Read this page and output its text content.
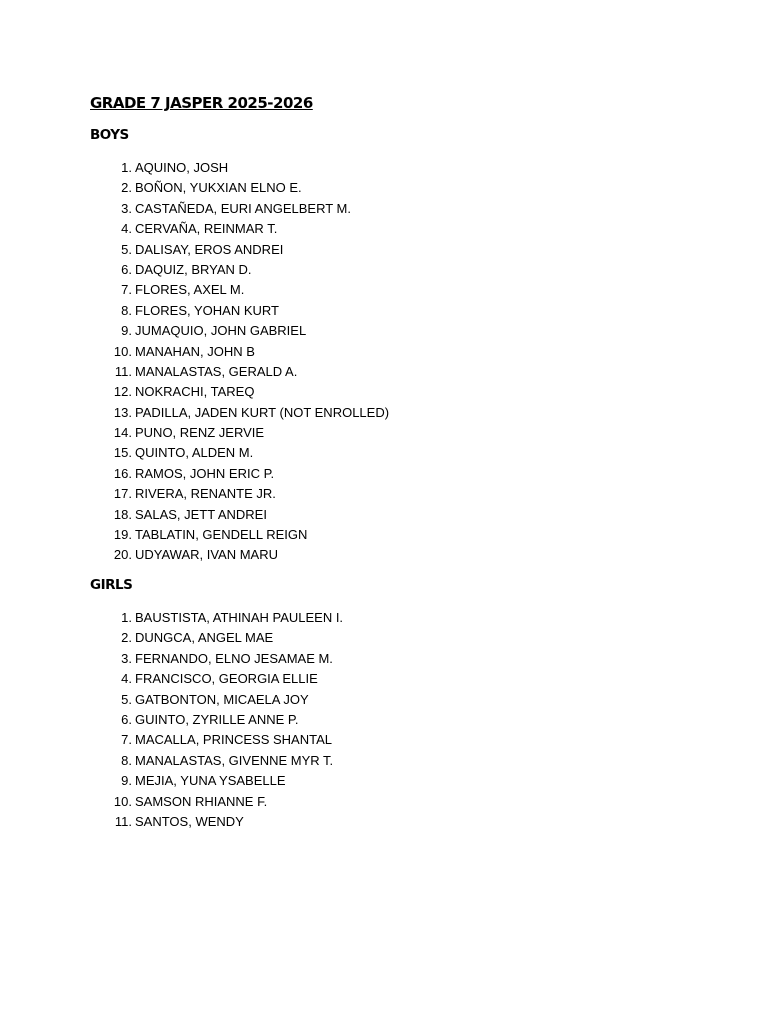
GRADE 7 JASPER 2025-2026
BOYS
1. AQUINO, JOSH
2. BOÑON, YUKXIAN ELNO E.
3. CASTAÑEDA, EURI ANGELBERT M.
4. CERVAÑA, REINMAR T.
5. DALISAY, EROS ANDREI
6. DAQUIZ, BRYAN D.
7. FLORES, AXEL M.
8. FLORES, YOHAN KURT
9. JUMAQUIO, JOHN GABRIEL
10. MANAHAN, JOHN B
11. MANALASTAS, GERALD A.
12. NOKRACHI, TAREQ
13. PADILLA, JADEN KURT (NOT ENROLLED)
14. PUNO, RENZ JERVIE
15. QUINTO, ALDEN M.
16. RAMOS, JOHN ERIC P.
17. RIVERA, RENANTE JR.
18. SALAS, JETT ANDREI
19. TABLATIN, GENDELL REIGN
20. UDYAWAR, IVAN MARU
GIRLS
1. BAUSTISTA, ATHINAH PAULEEN I.
2. DUNGCA, ANGEL MAE
3. FERNANDO, ELNO JESAMAE M.
4. FRANCISCO, GEORGIA ELLIE
5. GATBONTON, MICAELA JOY
6. GUINTO, ZYRILLE ANNE P.
7. MACALLA, PRINCESS SHANTAL
8. MANALASTAS, GIVENNE MYR T.
9. MEJIA, YUNA YSABELLE
10. SAMSON RHIANNE F.
11. SANTOS, WENDY
